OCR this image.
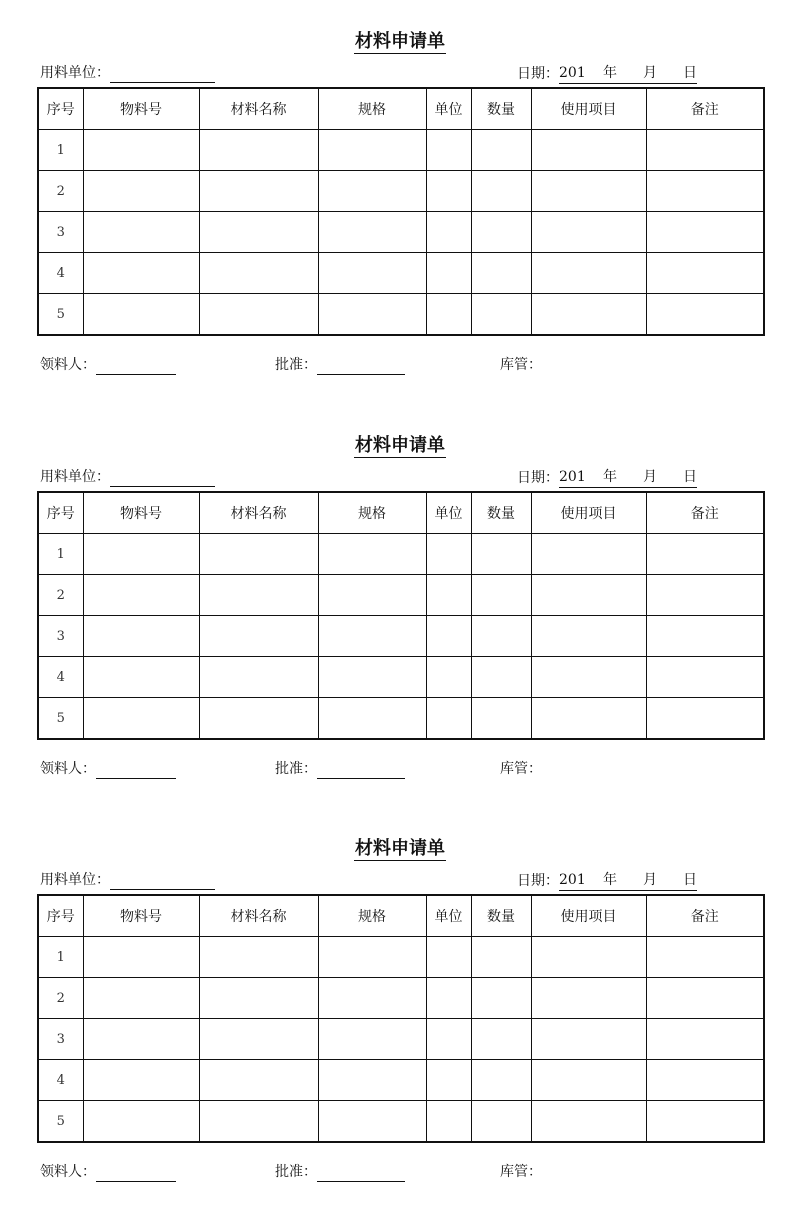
材料申请单
用料单位：	日期： 201	年	月	日
序号	物料号	材料名称	规格	单位	数量	使用项目	备注
1							
2							
3							
4							
5							
领料人：	批准：	库管：
材料申请单
用料单位：	日期： 201	年	月	日
序号	物料号	材料名称	规格	单位	数量	使用项目	备注
1							
2							
3							
4							
5							
领料人：	批准：	库管：
材料申请单
用料单位：	日期： 201	年	月	日
序号	物料号	材料名称	规格	单位	数量	使用项目	备注
1							
2							
3							
4							
5							
领料人：	批准：	库管：
